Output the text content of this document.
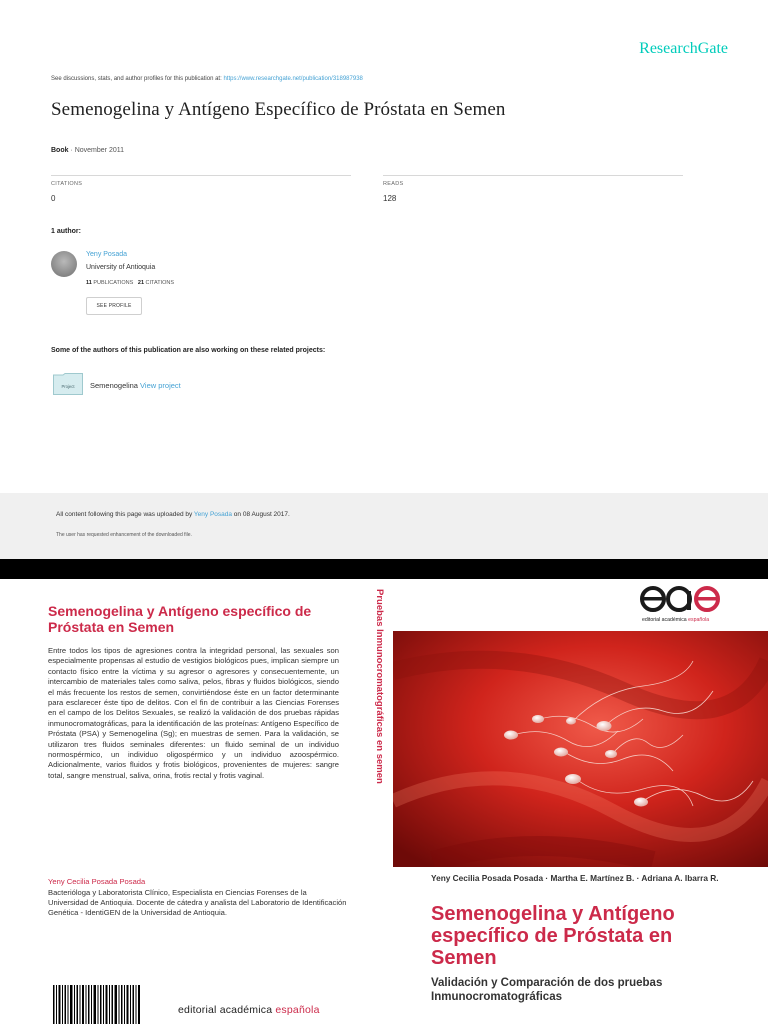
ResearchGate
See discussions, stats, and author profiles for this publication at: https://www.researchgate.net/publication/318987938
Semenogelina y Antígeno Específico de Próstata en Semen
Book · November 2011
CITATIONS
0
READS
128
1 author:
Yeny Posada
University of Antioquia
11 PUBLICATIONS 21 CITATIONS
SEE PROFILE
Some of the authors of this publication are also working on these related projects:
Project Semenogelina View project
All content following this page was uploaded by Yeny Posada on 08 August 2017.
The user has requested enhancement of the downloaded file.
Semenogelina y Antígeno específico de Próstata en Semen
Entre todos los tipos de agresiones contra la integridad personal, las sexuales son especialmente propensas al estudio de vestigios biológicos pues, implican siempre un contacto físico entre la víctima y su agresor o agresores y consecuentemente, un intercambio de materiales tales como saliva, pelos, fibras y fluidos biológicos, siendo el más frecuente los restos de semen, convirtiéndose éste en un factor determinante para esclarecer éste tipo de delitos. Con el fin de contribuir a las Ciencias Forenses en el campo de los Delitos Sexuales, se realizó la validación de dos pruebas rápidas inmunocromatográficas, para la identificación de las proteínas: Antígeno Específico de Próstata (PSA) y Semenogelina (Sg); en muestras de semen. Para la validación, se utilizaron tres fluidos seminales diferentes: un fluido seminal de un individuo normospérmico, un individuo oligospérmico y un individuo azoospérmico. Adicionalmente, varios fluidos y frotis biológicos, provenientes de mujeres: sangre total, sangre menstrual, saliva, orina, frotis rectal y frotis vaginal.
Yeny Cecilia Posada Posada
Bacterióloga y Laboratorista Clínico, Especialista en Ciencias Forenses de la Universidad de Antioquia. Docente de cátedra y analista del Laboratorio de Identificación Genética - IdentiGEN de la Universidad de Antioquia.
editorial académica española
Pruebas Inmunocromatográficas en semen	editorial académica española
Yeny Cecilia Posada Posada · Martha E. Martínez B. · Adriana A. Ibarra R.
Semenogelina y Antígeno específico de Próstata en Semen
Validación y Comparación de dos pruebas Inmunocromatográficas
